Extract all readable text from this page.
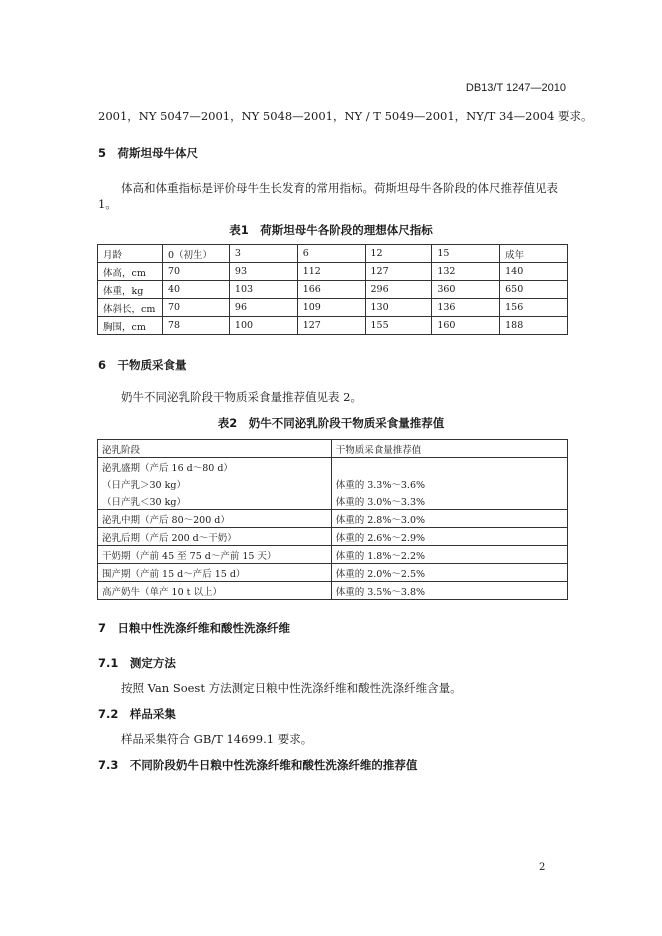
DB13/T 1247—2010
2001，NY 5047—2001，NY 5048—2001，NY / T 5049—2001，NY/T 34—2004 要求。
5　荷斯坦母牛体尺
体高和体重指标是评价母牛生长发育的常用指标。荷斯坦母牛各阶段的体尺推荐值见表
1。
表1　荷斯坦母牛各阶段的理想体尺指标
月龄	0（初生）	3	6	12	15	成年
体高，cm	70	93	112	127	132	140
体重，kg	40	103	166	296	360	650
体斜长，cm	70	96	109	130	136	156
胸围，cm	78	100	127	155	160	188
6　干物质采食量
奶牛不同泌乳阶段干物质采食量推荐值见表 2。
表2　奶牛不同泌乳阶段干物质采食量推荐值
泌乳阶段	干物质采食量推荐值
泌乳盛期（产后 16 d～80 d）	
（日产乳＞30 kg）	体重的 3.3%～3.6%
（日产乳＜30 kg）	体重的 3.0%～3.3%
泌乳中期（产后 80～200 d）	体重的 2.8%～3.0%
泌乳后期（产后 200 d～干奶）	体重的 2.6%～2.9%
干奶期（产前 45 至 75 d～产前 15 天）	体重的 1.8%～2.2%
围产期（产前 15 d～产后 15 d）	体重的 2.0%～2.5%
高产奶牛（单产 10 t 以上）	体重的 3.5%～3.8%
7　日粮中性洗涤纤维和酸性洗涤纤维
7.1　测定方法
按照 Van Soest 方法测定日粮中性洗涤纤维和酸性洗涤纤维含量。
7.2　样品采集
样品采集符合 GB/T 14699.1 要求。
7.3　不同阶段奶牛日粮中性洗涤纤维和酸性洗涤纤维的推荐值
2
